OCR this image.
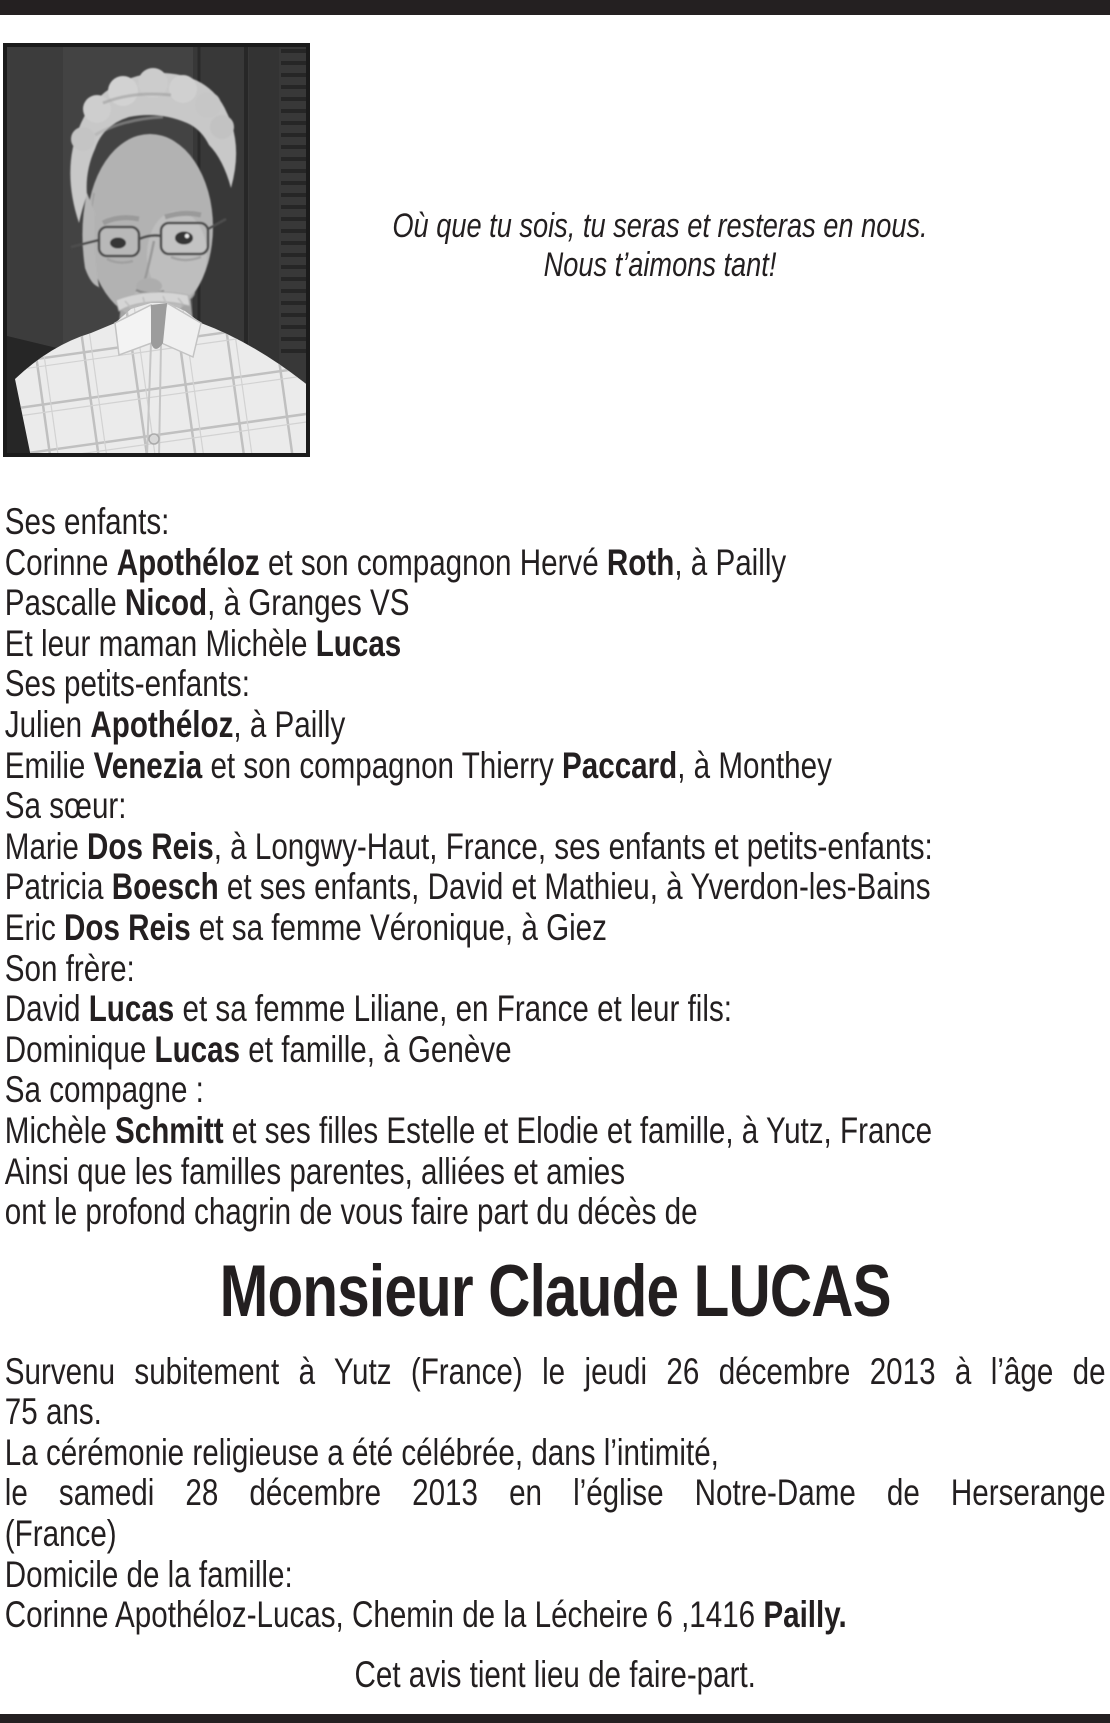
Où que tu sois, tu seras et resteras en nous.
Nous t’aimons tant!
Ses enfants:
Corinne Apothéloz et son compagnon Hervé Roth, à Pailly
Pascalle Nicod, à Granges VS
Et leur maman Michèle Lucas
Ses petits-enfants:
Julien Apothéloz, à Pailly
Emilie Venezia et son compagnon Thierry Paccard, à Monthey
Sa sœur:
Marie Dos Reis, à Longwy-Haut, France, ses enfants et petits-enfants:
Patricia Boesch et ses enfants, David et Mathieu, à Yverdon-les-Bains
Eric Dos Reis et sa femme Véronique, à Giez
Son frère:
David Lucas et sa femme Liliane, en France et leur fils:
Dominique Lucas et famille, à Genève
Sa compagne :
Michèle Schmitt et ses filles Estelle et Elodie et famille, à Yutz, France
Ainsi que les familles parentes, alliées et amies
ont le profond chagrin de vous faire part du décès de
Monsieur Claude LUCAS
Survenu subitement à Yutz (France) le jeudi 26 décembre 2013 à l’âge de
75 ans.
La cérémonie religieuse a été célébrée, dans l’intimité,
le samedi 28 décembre 2013 en l’église Notre-Dame de Herserange
(France)
Domicile de la famille:
Corinne Apothéloz-Lucas, Chemin de la Lécheire 6 ,1416 Pailly.
Cet avis tient lieu de faire-part.
